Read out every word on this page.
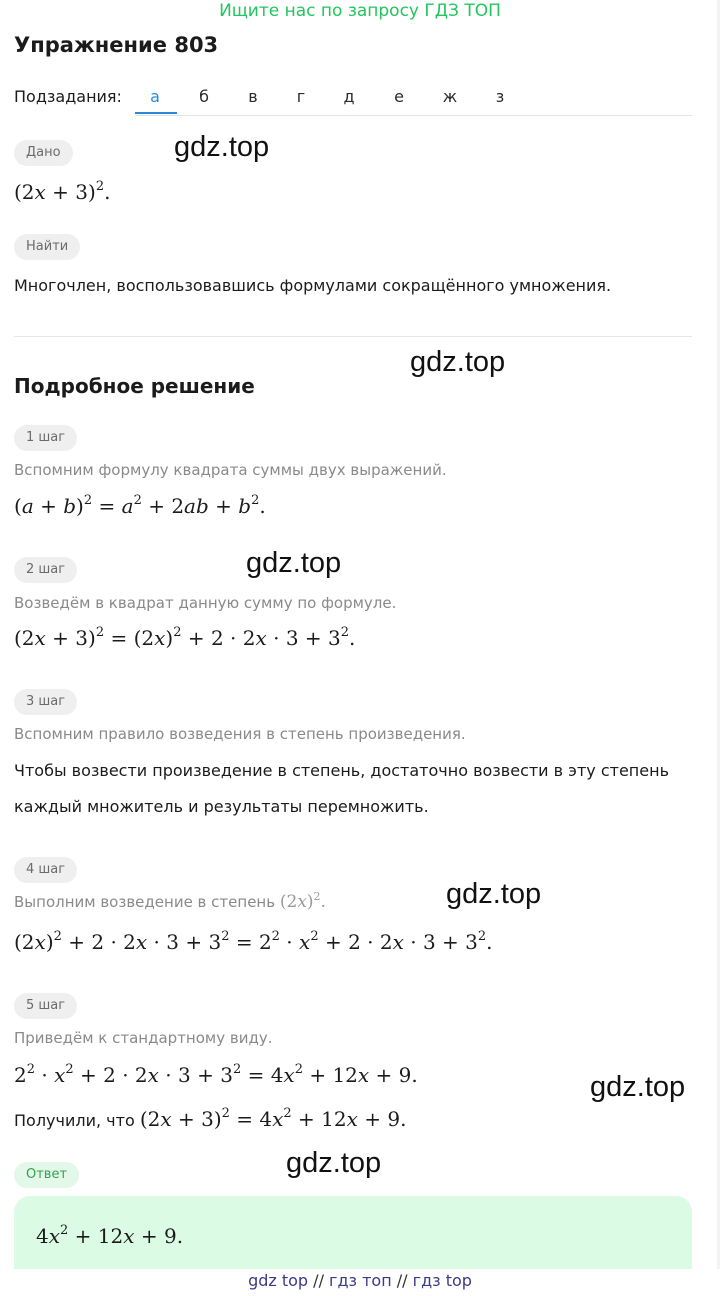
Ищите нас по запросу ГДЗ ТОП
Упражнение 803
Подзадания:	а	б	в	г	д	е	ж	з
Дано
$(2x + 3)^2$.
Найти
Многочлен, воспользовавшись формулами сокращённого умножения.
Подробное решение
1 шаг
Вспомним формулу квадрата суммы двух выражений.
$(a + b)^2 = a^2 + 2ab + b^2$.
2 шаг
Возведём в квадрат данную сумму по формуле.
$(2x + 3)^2 = (2x)^2 + 2 \cdot 2x \cdot 3 + 3^2$.
3 шаг
Вспомним правило возведения в степень произведения.
Чтобы возвести произведение в степень, достаточно возвести в эту степень
каждый множитель и результаты перемножить.
4 шаг
Выполним возведение в степень $(2x)^2$.
$(2x)^2 + 2 \cdot 2x \cdot 3 + 3^2 = 2^2 \cdot x^2 + 2 \cdot 2x \cdot 3 + 3^2$.
5 шаг
Приведём к стандартному виду.
$2^2 \cdot x^2 + 2 \cdot 2x \cdot 3 + 3^2 = 4x^2 + 12x + 9$.
Получили, что $(2x + 3)^2 = 4x^2 + 12x + 9$.
Ответ
$4x^2 + 12x + 9$.
gdz.top
gdz.top
gdz.top
gdz.top
gdz.top
gdz.top
gdz top // гдз топ // гдз top
